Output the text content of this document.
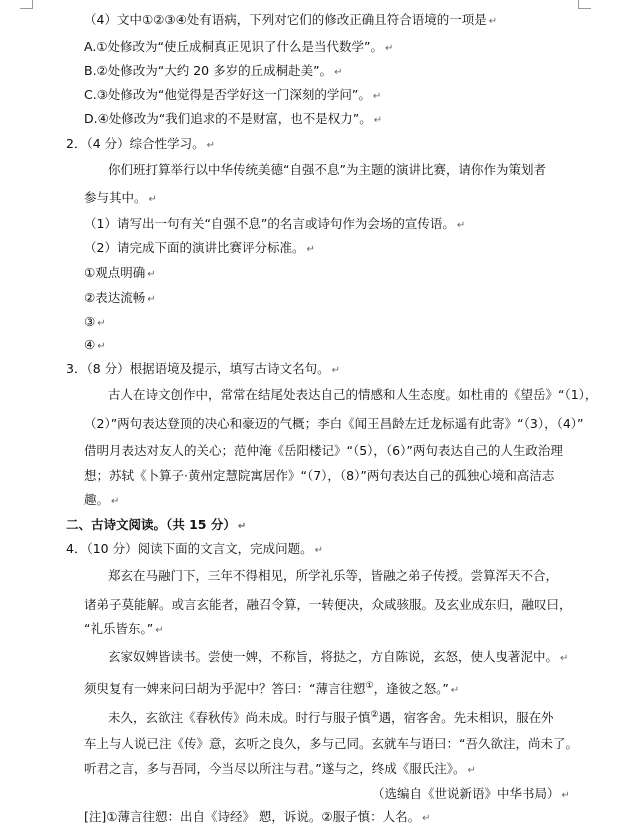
（4）文中①②③④处有语病，下列对它们的修改正确且符合语境的一项是 ↵
A.①处修改为“使丘成桐真正见识了什么是当代数学”。 ↵
B.②处修改为“大约 20 多岁的丘成桐赴美”。 ↵
C.③处修改为“他觉得是否学好这一门深刻的学问”。 ↵
D.④处修改为“我们追求的不是财富，也不是权力”。 ↵
2．（4 分）综合性学习。 ↵
你们班打算举行以中华传统美德“自强不息”为主题的演讲比赛，请你作为策划者
参与其中。 ↵
（1）请写出一句有关“自强不息”的名言或诗句作为会场的宣传语。 ↵
（2）请完成下面的演讲比赛评分标准。 ↵
①观点明确 ↵
②表达流畅 ↵
③ ↵
④ ↵
3．（8 分）根据语境及提示，填写古诗文名句。 ↵
古人在诗文创作中，常常在结尾处表达自己的情感和人生态度。如杜甫的《望岳》“（1），
（2）”两句表达登顶的决心和豪迈的气概；李白《闻王昌龄左迁龙标遥有此寄》“（3），（4）”
借明月表达对友人的关心；范仲淹《岳阳楼记》“（5），（6）”两句表达自己的人生政治理
想；苏轼《卜算子·黄州定慧院寓居作》“（7），（8）”两句表达自己的孤独心境和高洁志
趣。 ↵
二、古诗文阅读。（共 15 分） ↵
4．（10 分）阅读下面的文言文，完成问题。 ↵
郑玄在马融门下，三年不得相见，所学礼乐等，皆融之弟子传授。尝算浑天不合，
诸弟子莫能解。或言玄能者，融召令算，一转便决，众咸骇服。及玄业成东归，融叹曰，
“礼乐皆东。” ↵
玄家奴婢皆读书。尝使一婢，不称旨，将挞之，方自陈说，玄怒，使人曳著泥中。 ↵
须臾复有一婢来问曰胡为乎泥中？答曰：“薄言往愬①，逢彼之怒。” ↵
未久，玄欲注《春秋传》尚未成。时行与服子慎②遇，宿客舍。先未相识，服在外
车上与人说已注《传》意，玄听之良久，多与己同。玄就车与语曰：“吾久欲注，尚未了。
听君之言，多与吾同，今当尽以所注与君。”遂与之，终成《服氏注》。 ↵
（选编自《世说新语》中华书局） ↵
[注]①薄言往愬：出自《诗经》 愬，诉说。②服子慎：人名。 ↵
